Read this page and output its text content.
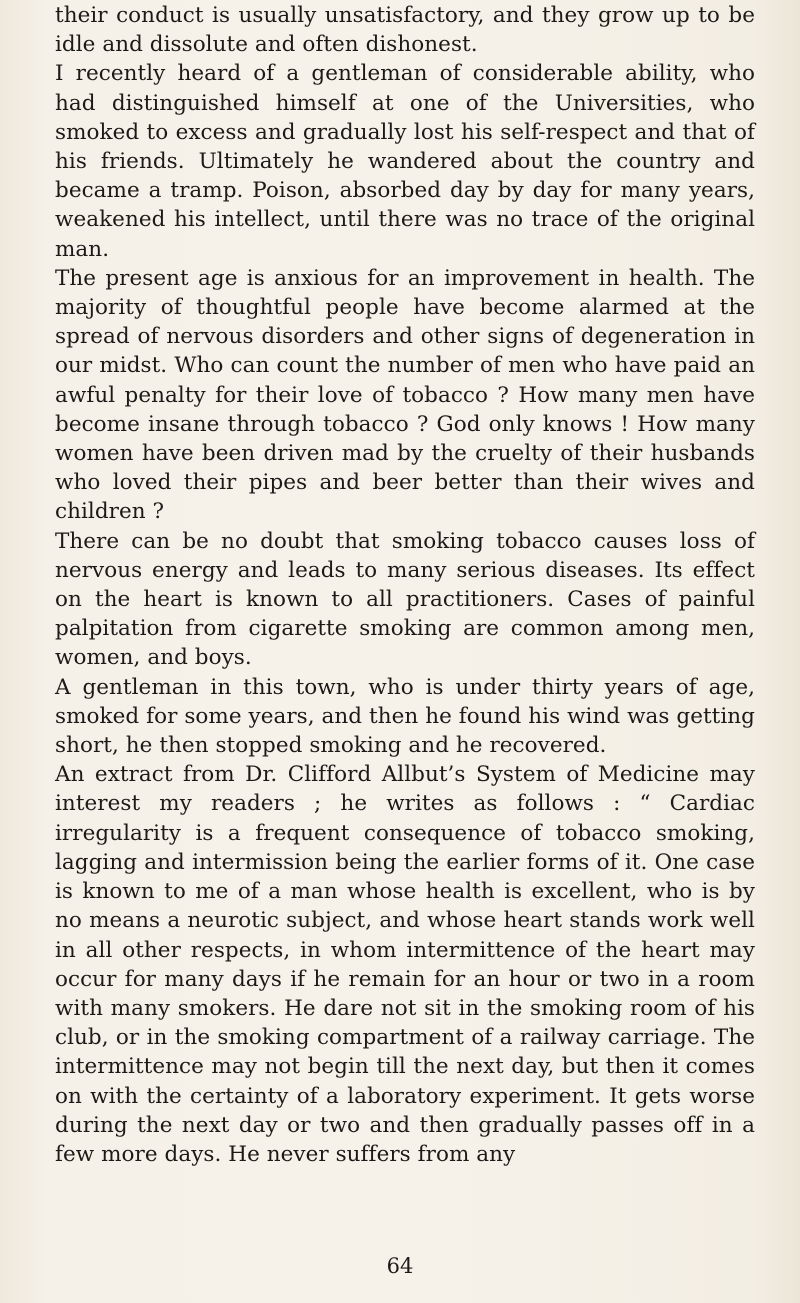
their conduct is usually unsatisfactory, and they grow up to be idle and dissolute and often dishonest.

I recently heard of a gentleman of considerable ability, who had distinguished himself at one of the Universities, who smoked to excess and gradually lost his self-respect and that of his friends. Ultimately he wandered about the country and became a tramp. Poison, absorbed day by day for many years, weakened his intellect, until there was no trace of the original man.

The present age is anxious for an improvement in health. The majority of thoughtful people have become alarmed at the spread of nervous disorders and other signs of degeneration in our midst. Who can count the number of men who have paid an awful penalty for their love of tobacco ? How many men have become insane through tobacco ? God only knows ! How many women have been driven mad by the cruelty of their husbands who loved their pipes and beer better than their wives and children ?

There can be no doubt that smoking tobacco causes loss of nervous energy and leads to many serious diseases. Its effect on the heart is known to all practitioners. Cases of painful palpitation from cigarette smoking are common among men, women, and boys.

A gentleman in this town, who is under thirty years of age, smoked for some years, and then he found his wind was getting short, he then stopped smoking and he recovered.

An extract from Dr. Clifford Allbut’s System of Medicine may interest my readers ; he writes as follows : “ Cardiac irregularity is a frequent consequence of tobacco smoking, lagging and intermission being the earlier forms of it. One case is known to me of a man whose health is excellent, who is by no means a neurotic subject, and whose heart stands work well in all other respects, in whom intermittence of the heart may occur for many days if he remain for an hour or two in a room with many smokers. He dare not sit in the smoking room of his club, or in the smoking compartment of a railway carriage. The intermittence may not begin till the next day, but then it comes on with the certainty of a laboratory experiment. It gets worse during the next day or two and then gradually passes off in a few more days. He never suffers from any

64
